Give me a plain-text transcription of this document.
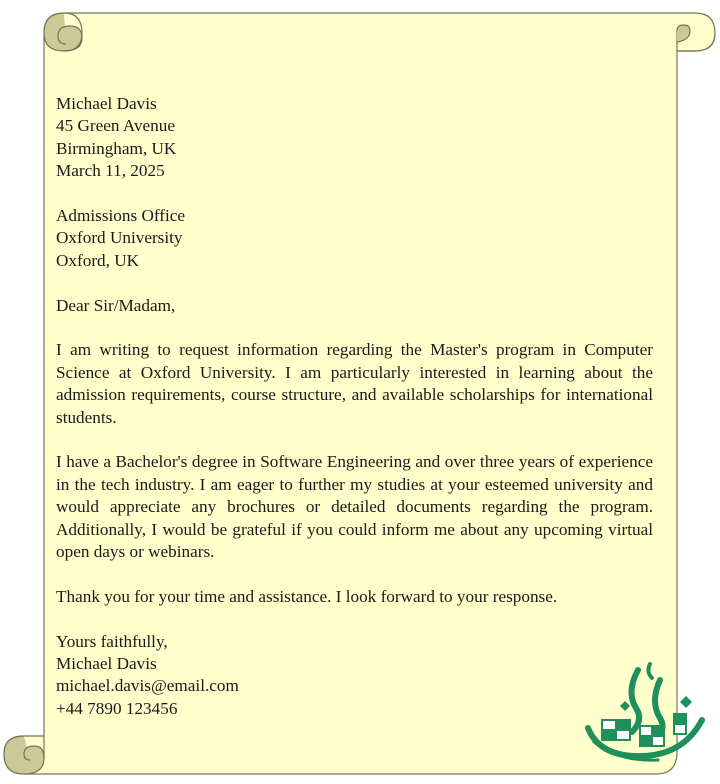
Michael Davis
45 Green Avenue
Birmingham, UK
March 11, 2025
Admissions Office
Oxford University
Oxford, UK
Dear Sir/Madam,
I am writing to request information regarding the Master's program in Computer Science at Oxford University. I am particularly interested in learning about the admission requirements, course structure, and available scholarships for international students.
I have a Bachelor's degree in Software Engineering and over three years of experience in the tech industry. I am eager to further my studies at your esteemed university and would appreciate any brochures or detailed documents regarding the program. Additionally, I would be grateful if you could inform me about any upcoming virtual open days or webinars.
Thank you for your time and assistance. I look forward to your response.
Yours faithfully,
Michael Davis
michael.davis@email.com
+44 7890 123456
